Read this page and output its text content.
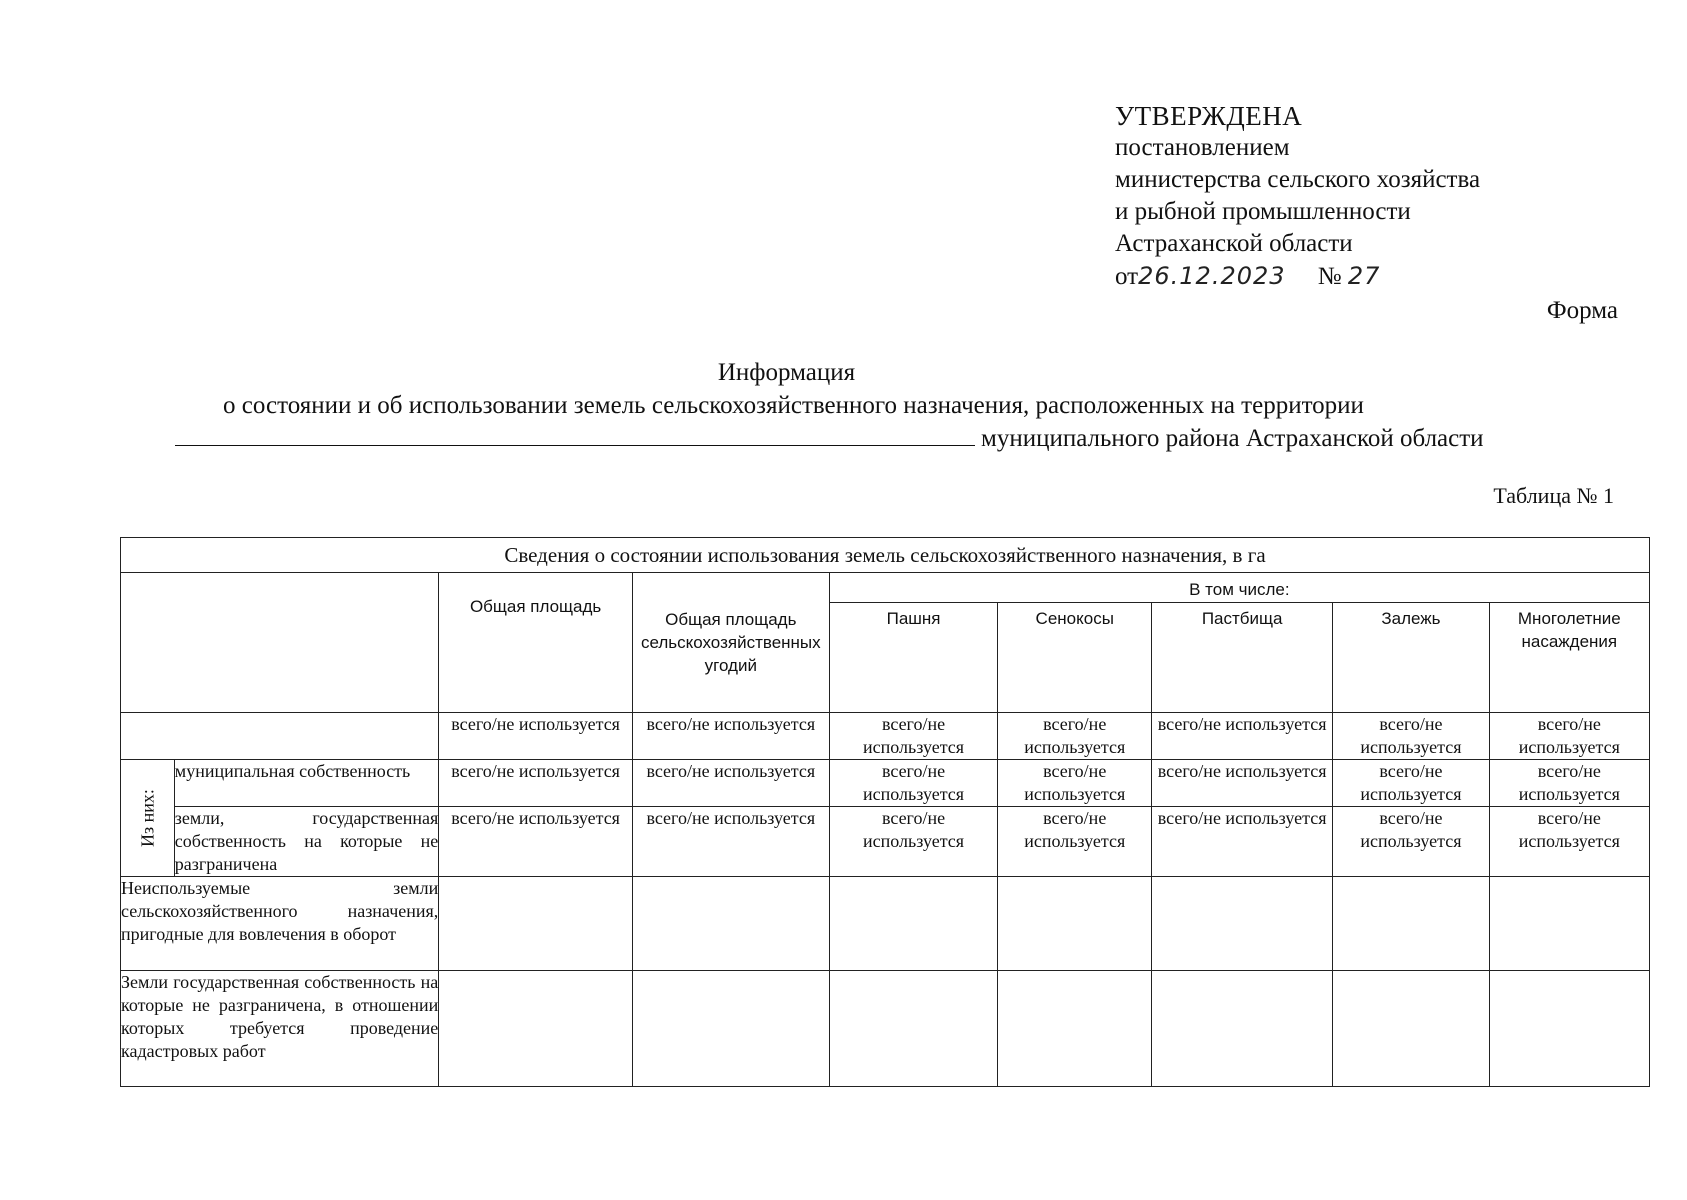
УТВЕРЖДЕНА
постановлением
министерства сельского хозяйства
и рыбной промышленности
Астраханской области
от26.12.2023 № 27
Форма
Информация
о состоянии и об использовании земель сельскохозяйственного назначения, расположенных на территории
муниципального района Астраханской области
Таблица № 1
Сведения о состоянии использования земель сельскохозяйственного назначения, в га								
		Общая площадь	Общая площадь сельскохозяйственных угодий	В том числе:				
				Пашня	Сенокосы	Пастбища	Залежь	Многолетние насаждения
		всего/не используется	всего/не используется	всего/не используется	всего/не используется	всего/не используется	всего/не используется	всего/не используется
Из них:	муниципальная собственность	всего/не используется	всего/не используется	всего/не используется	всего/не используется	всего/не используется	всего/не используется	всего/не используется
	земли, государственная собственность на которые не разграничена	всего/не используется	всего/не используется	всего/не используется	всего/не используется	всего/не используется	всего/не используется	всего/не используется
Неиспользуемые земли сельскохозяйственного назначения, пригодные для вовлечения в оборот								
Земли государственная собственность на которые не разграничена, в отношении которых требуется проведение кадастровых работ								
